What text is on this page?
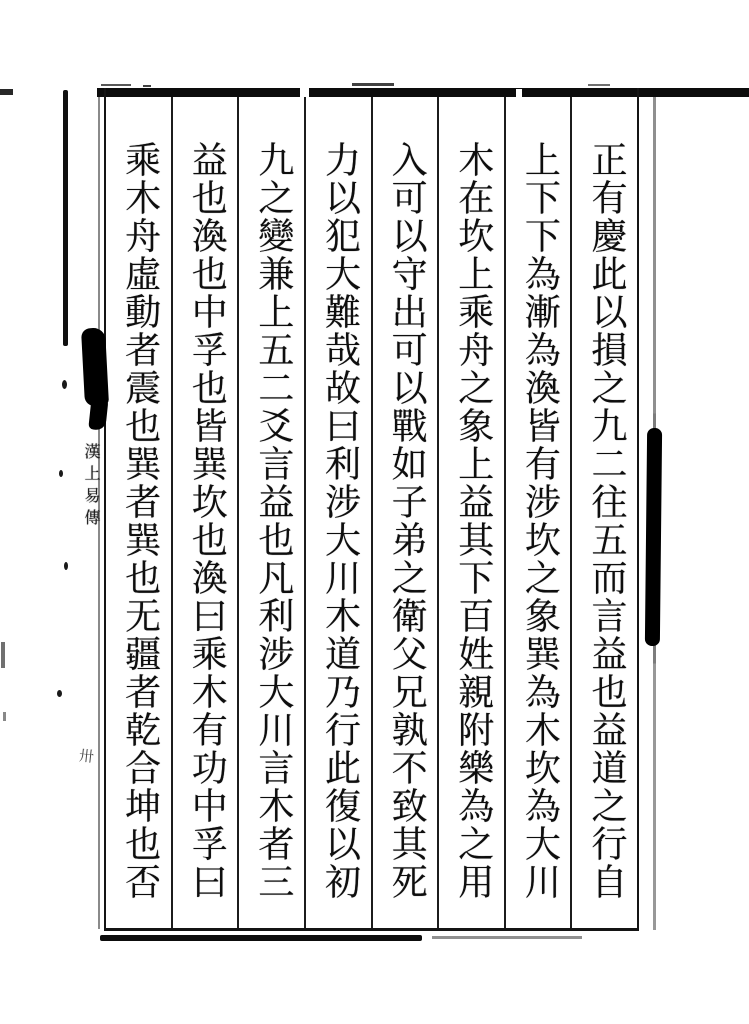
正有慶此以損之九二往五而言益也益道之行自
上下下為漸為渙皆有涉坎之象巽為木坎為大川
木在坎上乘舟之象上益其下百姓親附樂為之用
入可以守出可以戰如子弟之衛父兄孰不致其死
力以犯大難哉故曰利涉大川木道乃行此復以初
九之變兼上五二爻言益也凡利涉大川言木者三
益也渙也中孚也皆巽坎也渙曰乘木有功中孚曰
乘木舟虛動者震也巽者巽也无疆者乾合坤也否
漢上易傳
卅
